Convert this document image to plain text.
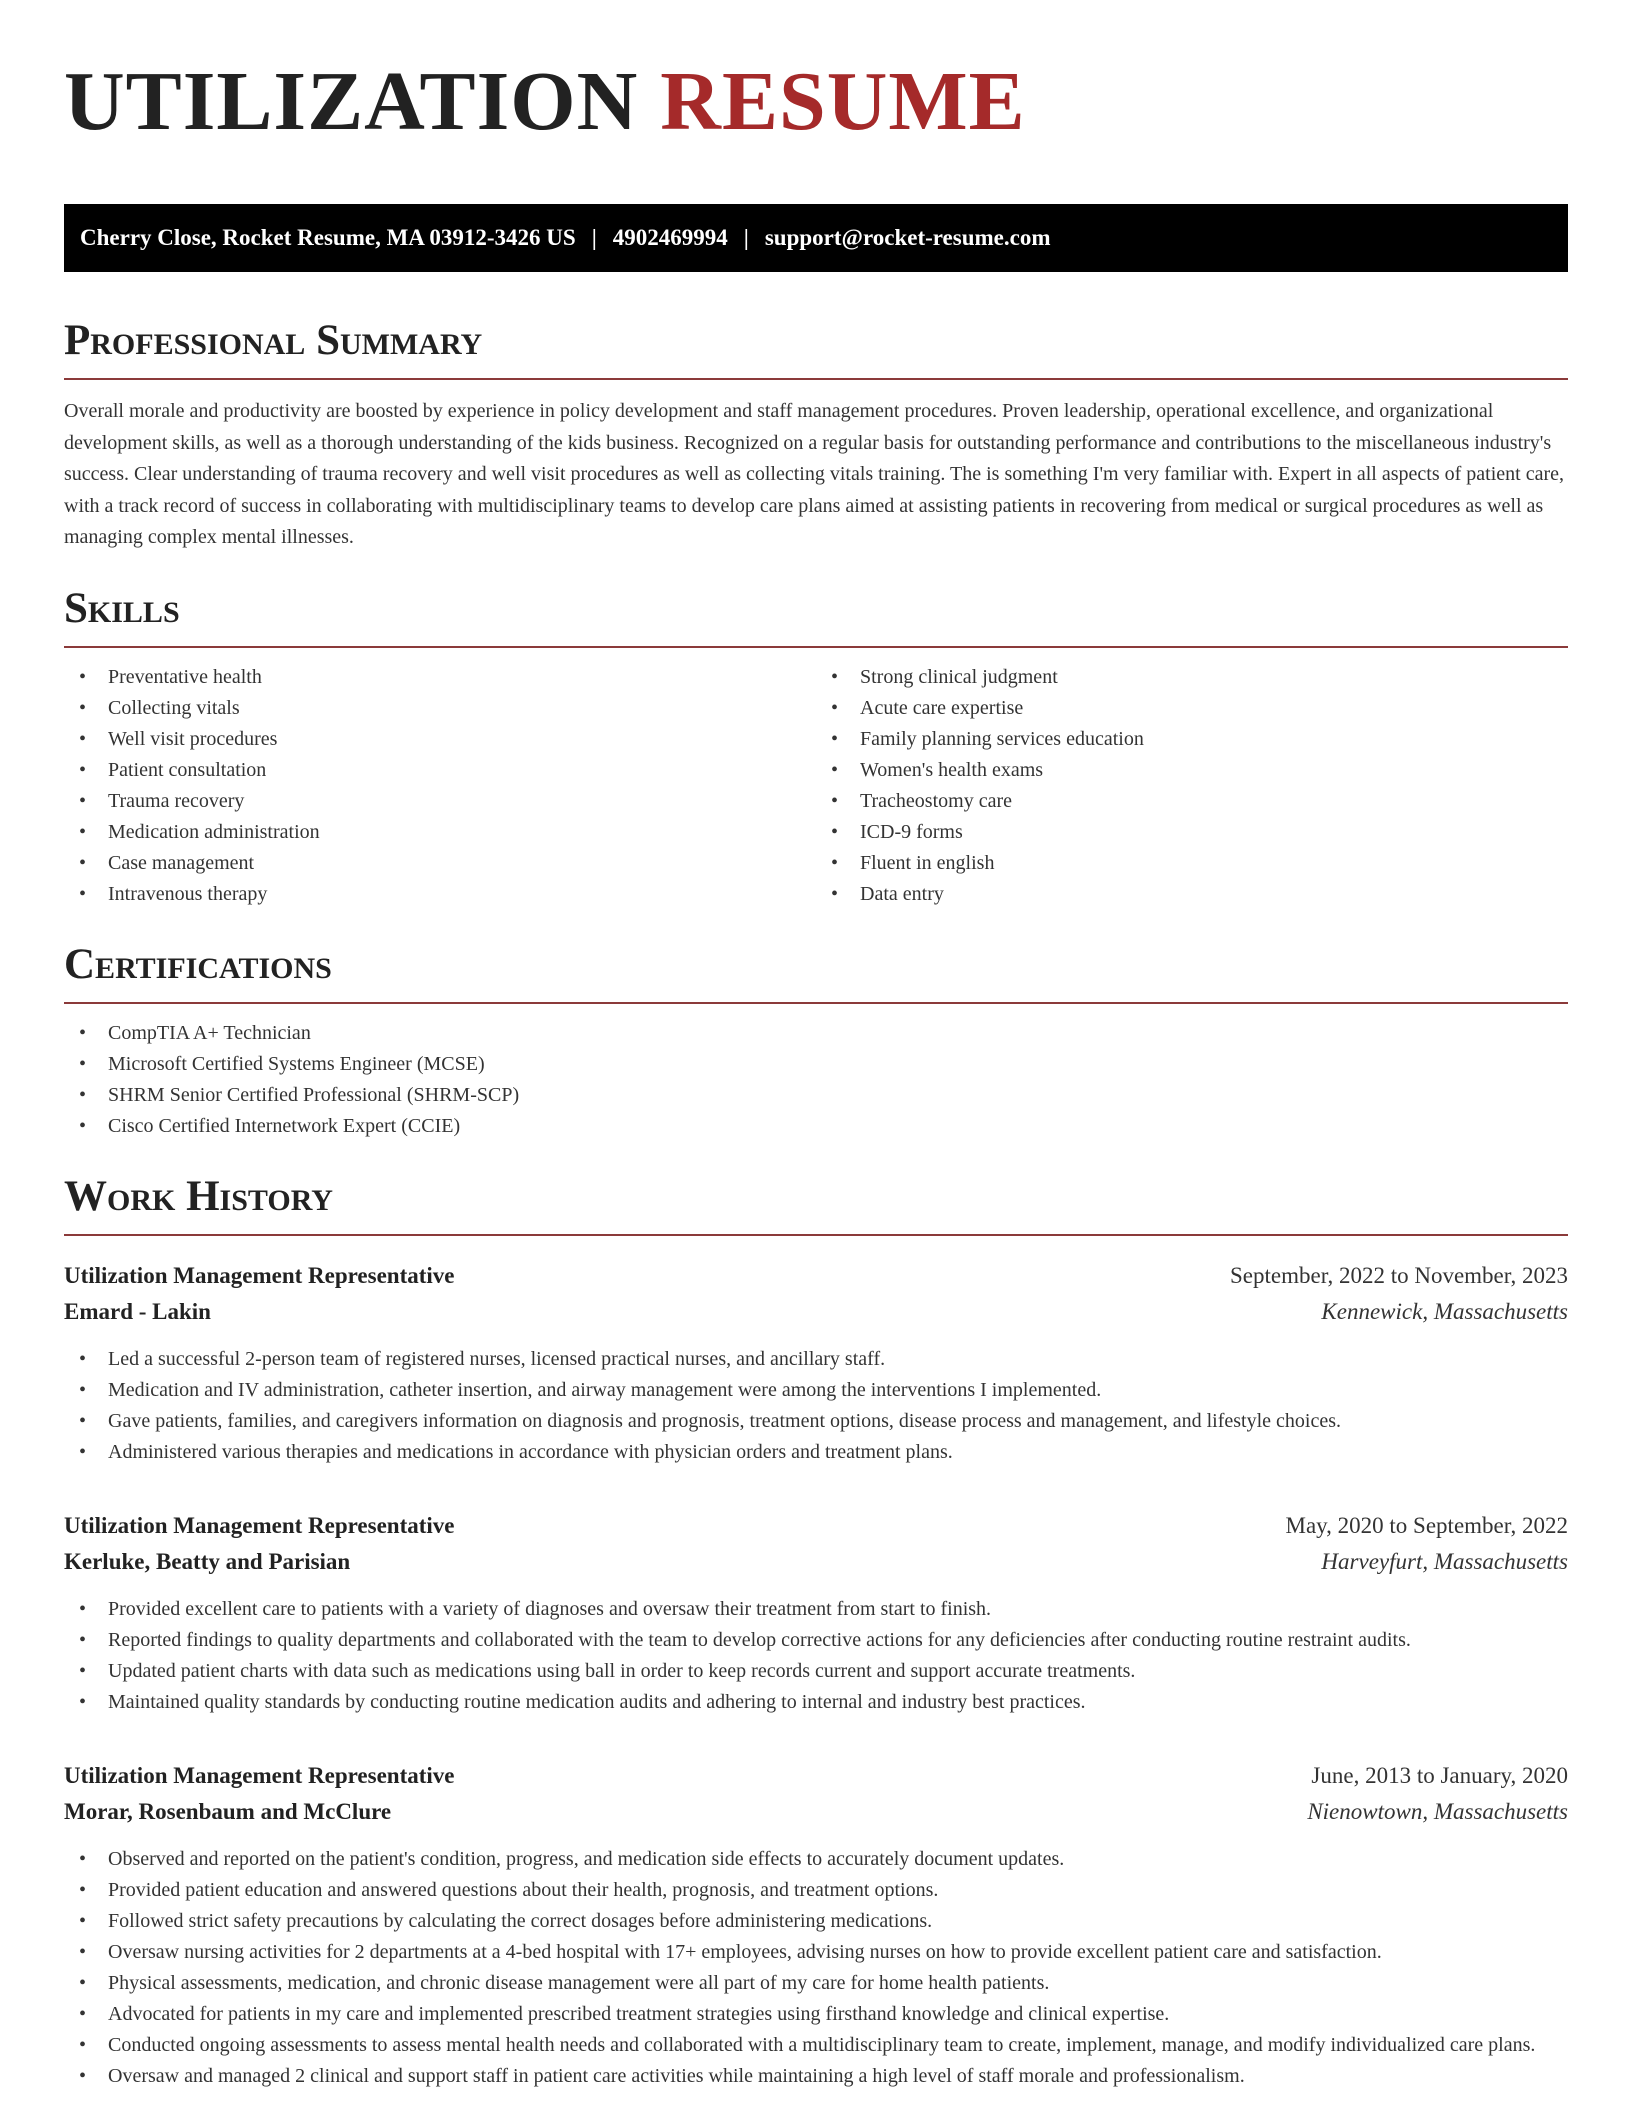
UTILIZATION RESUME
Cherry Close, Rocket Resume, MA 03912-3426 US | 4902469994 | support@rocket-resume.com
Professional Summary

Overall morale and productivity are boosted by experience in policy development and staff management procedures. Proven leadership, operational excellence, and organizational development skills, as well as a thorough understanding of the kids business. Recognized on a regular basis for outstanding performance and contributions to the miscellaneous industry's success. Clear understanding of trauma recovery and well visit procedures as well as collecting vitals training. The is something I'm very familiar with. Expert in all aspects of patient care, with a track record of success in collaborating with multidisciplinary teams to develop care plans aimed at assisting patients in recovering from medical or surgical procedures as well as managing complex mental illnesses.

Skills
• Preventative health
• Collecting vitals
• Well visit procedures
• Patient consultation
• Trauma recovery
• Medication administration
• Case management
• Intravenous therapy
• Strong clinical judgment
• Acute care expertise
• Family planning services education
• Women's health exams
• Tracheostomy care
• ICD-9 forms
• Fluent in english
• Data entry
Certifications
• CompTIA A+ Technician
• Microsoft Certified Systems Engineer (MCSE)
• SHRM Senior Certified Professional (SHRM-SCP)
• Cisco Certified Internetwork Expert (CCIE)
Work History
Utilization Management Representative	September, 2022 to November, 2023
Emard - Lakin	Kennewick, Massachusetts
• Led a successful 2-person team of registered nurses, licensed practical nurses, and ancillary staff.
• Medication and IV administration, catheter insertion, and airway management were among the interventions I implemented.
• Gave patients, families, and caregivers information on diagnosis and prognosis, treatment options, disease process and management, and lifestyle choices.
• Administered various therapies and medications in accordance with physician orders and treatment plans.
Utilization Management Representative	May, 2020 to September, 2022
Kerluke, Beatty and Parisian	Harveyfurt, Massachusetts
• Provided excellent care to patients with a variety of diagnoses and oversaw their treatment from start to finish.
• Reported findings to quality departments and collaborated with the team to develop corrective actions for any deficiencies after conducting routine restraint audits.
• Updated patient charts with data such as medications using ball in order to keep records current and support accurate treatments.
• Maintained quality standards by conducting routine medication audits and adhering to internal and industry best practices.
Utilization Management Representative	June, 2013 to January, 2020
Morar, Rosenbaum and McClure	Nienowtown, Massachusetts
• Observed and reported on the patient's condition, progress, and medication side effects to accurately document updates.
• Provided patient education and answered questions about their health, prognosis, and treatment options.
• Followed strict safety precautions by calculating the correct dosages before administering medications.
• Oversaw nursing activities for 2 departments at a 4-bed hospital with 17+ employees, advising nurses on how to provide excellent patient care and satisfaction.
• Physical assessments, medication, and chronic disease management were all part of my care for home health patients.
• Advocated for patients in my care and implemented prescribed treatment strategies using firsthand knowledge and clinical expertise.
• Conducted ongoing assessments to assess mental health needs and collaborated with a multidisciplinary team to create, implement, manage, and modify individualized care plans.
• Oversaw and managed 2 clinical and support staff in patient care activities while maintaining a high level of staff morale and professionalism.
